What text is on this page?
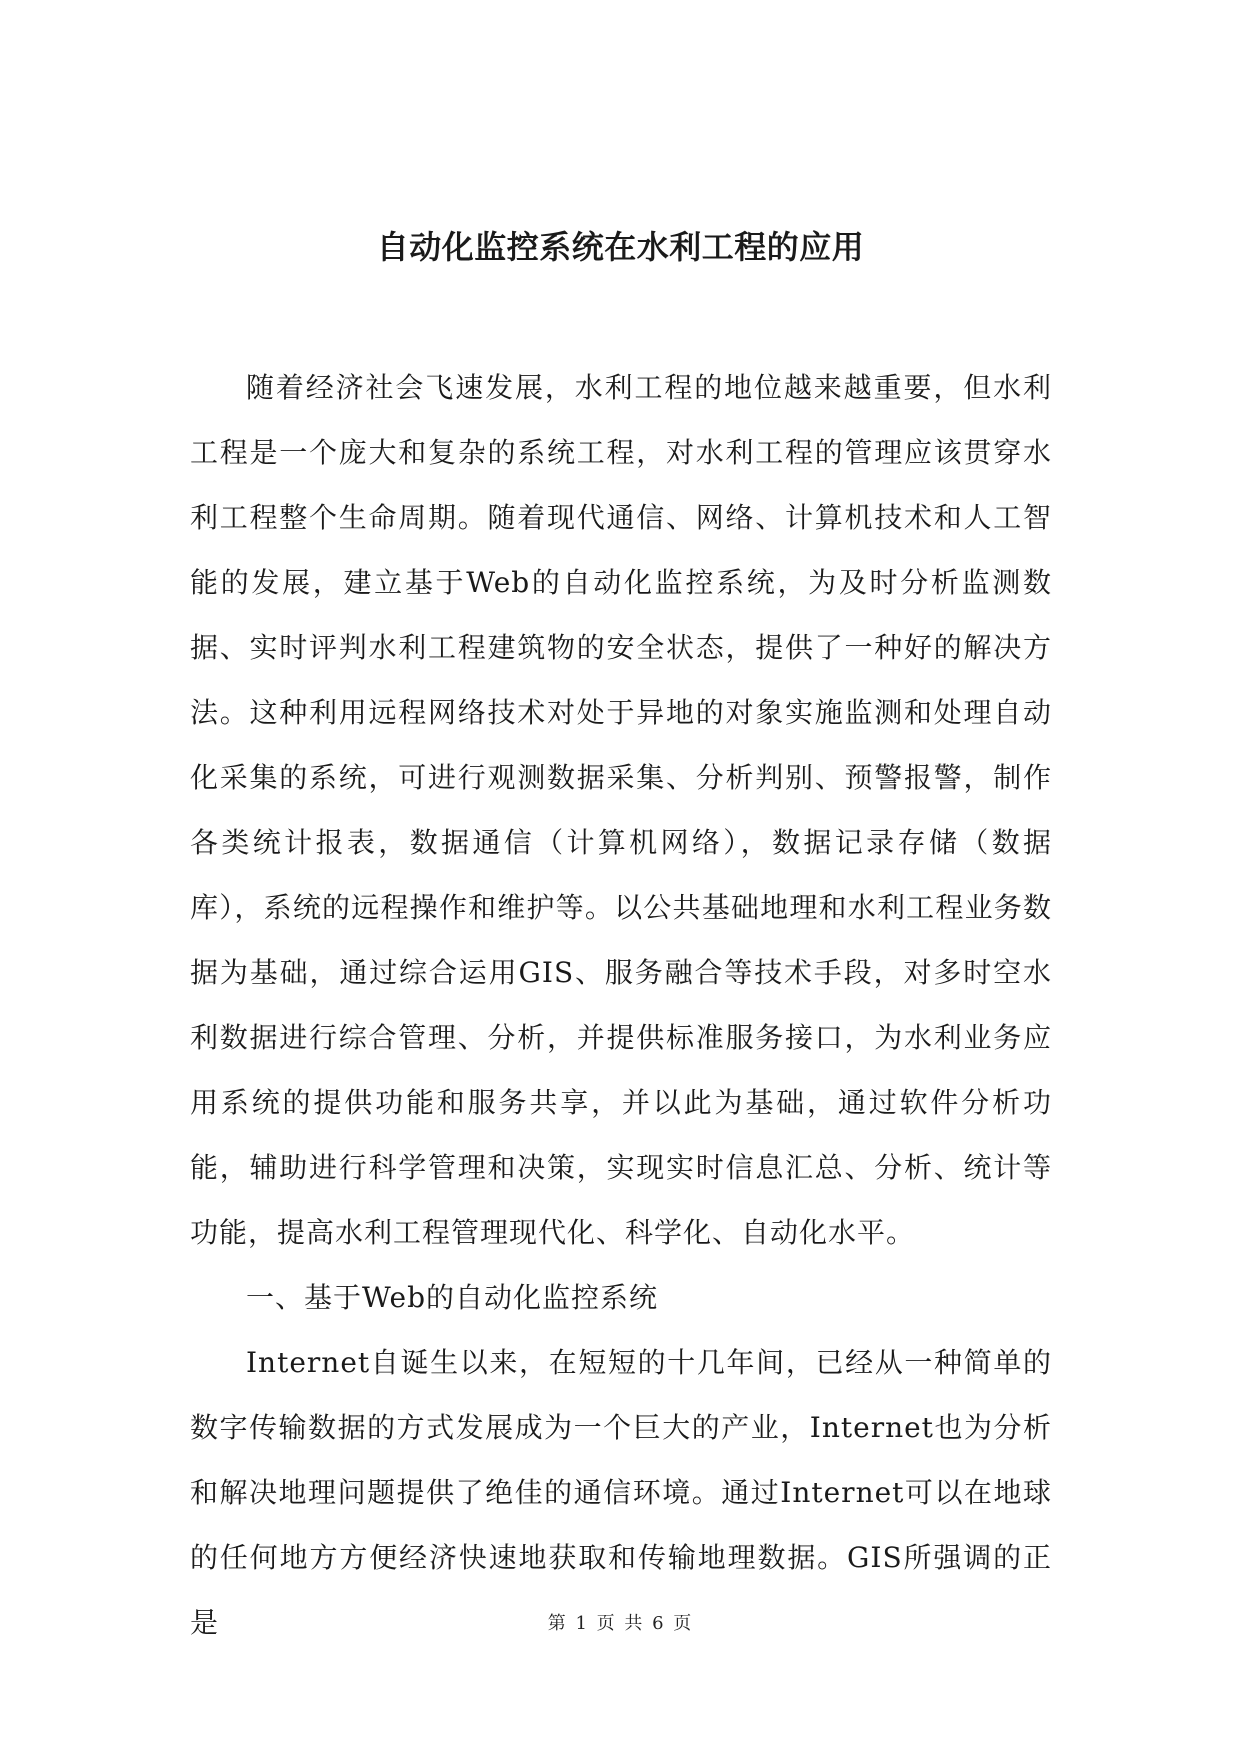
自动化监控系统在水利工程的应用

随着经济社会飞速发展，水利工程的地位越来越重要，但水利工程是一个庞大和复杂的系统工程，对水利工程的管理应该贯穿水利工程整个生命周期。随着现代通信、网络、计算机技术和人工智能的发展，建立基于Web的自动化监控系统，为及时分析监测数据、实时评判水利工程建筑物的安全状态，提供了一种好的解决方法。这种利用远程网络技术对处于异地的对象实施监测和处理自动化采集的系统，可进行观测数据采集、分析判别、预警报警，制作各类统计报表，数据通信（计算机网络），数据记录存储（数据库），系统的远程操作和维护等。以公共基础地理和水利工程业务数据为基础，通过综合运用GIS、服务融合等技术手段，对多时空水利数据进行综合管理、分析，并提供标准服务接口，为水利业务应用系统的提供功能和服务共享，并以此为基础，通过软件分析功能，辅助进行科学管理和决策，实现实时信息汇总、分析、统计等功能，提高水利工程管理现代化、科学化、自动化水平。

一、基于Web的自动化监控系统

Internet自诞生以来，在短短的十几年间，已经从一种简单的数字传输数据的方式发展成为一个巨大的产业，Internet也为分析和解决地理问题提供了绝佳的通信环境。通过Internet可以在地球的任何地方方便经济快速地获取和传输地理数据。GIS所强调的正是	第 1 页 共 6 页
